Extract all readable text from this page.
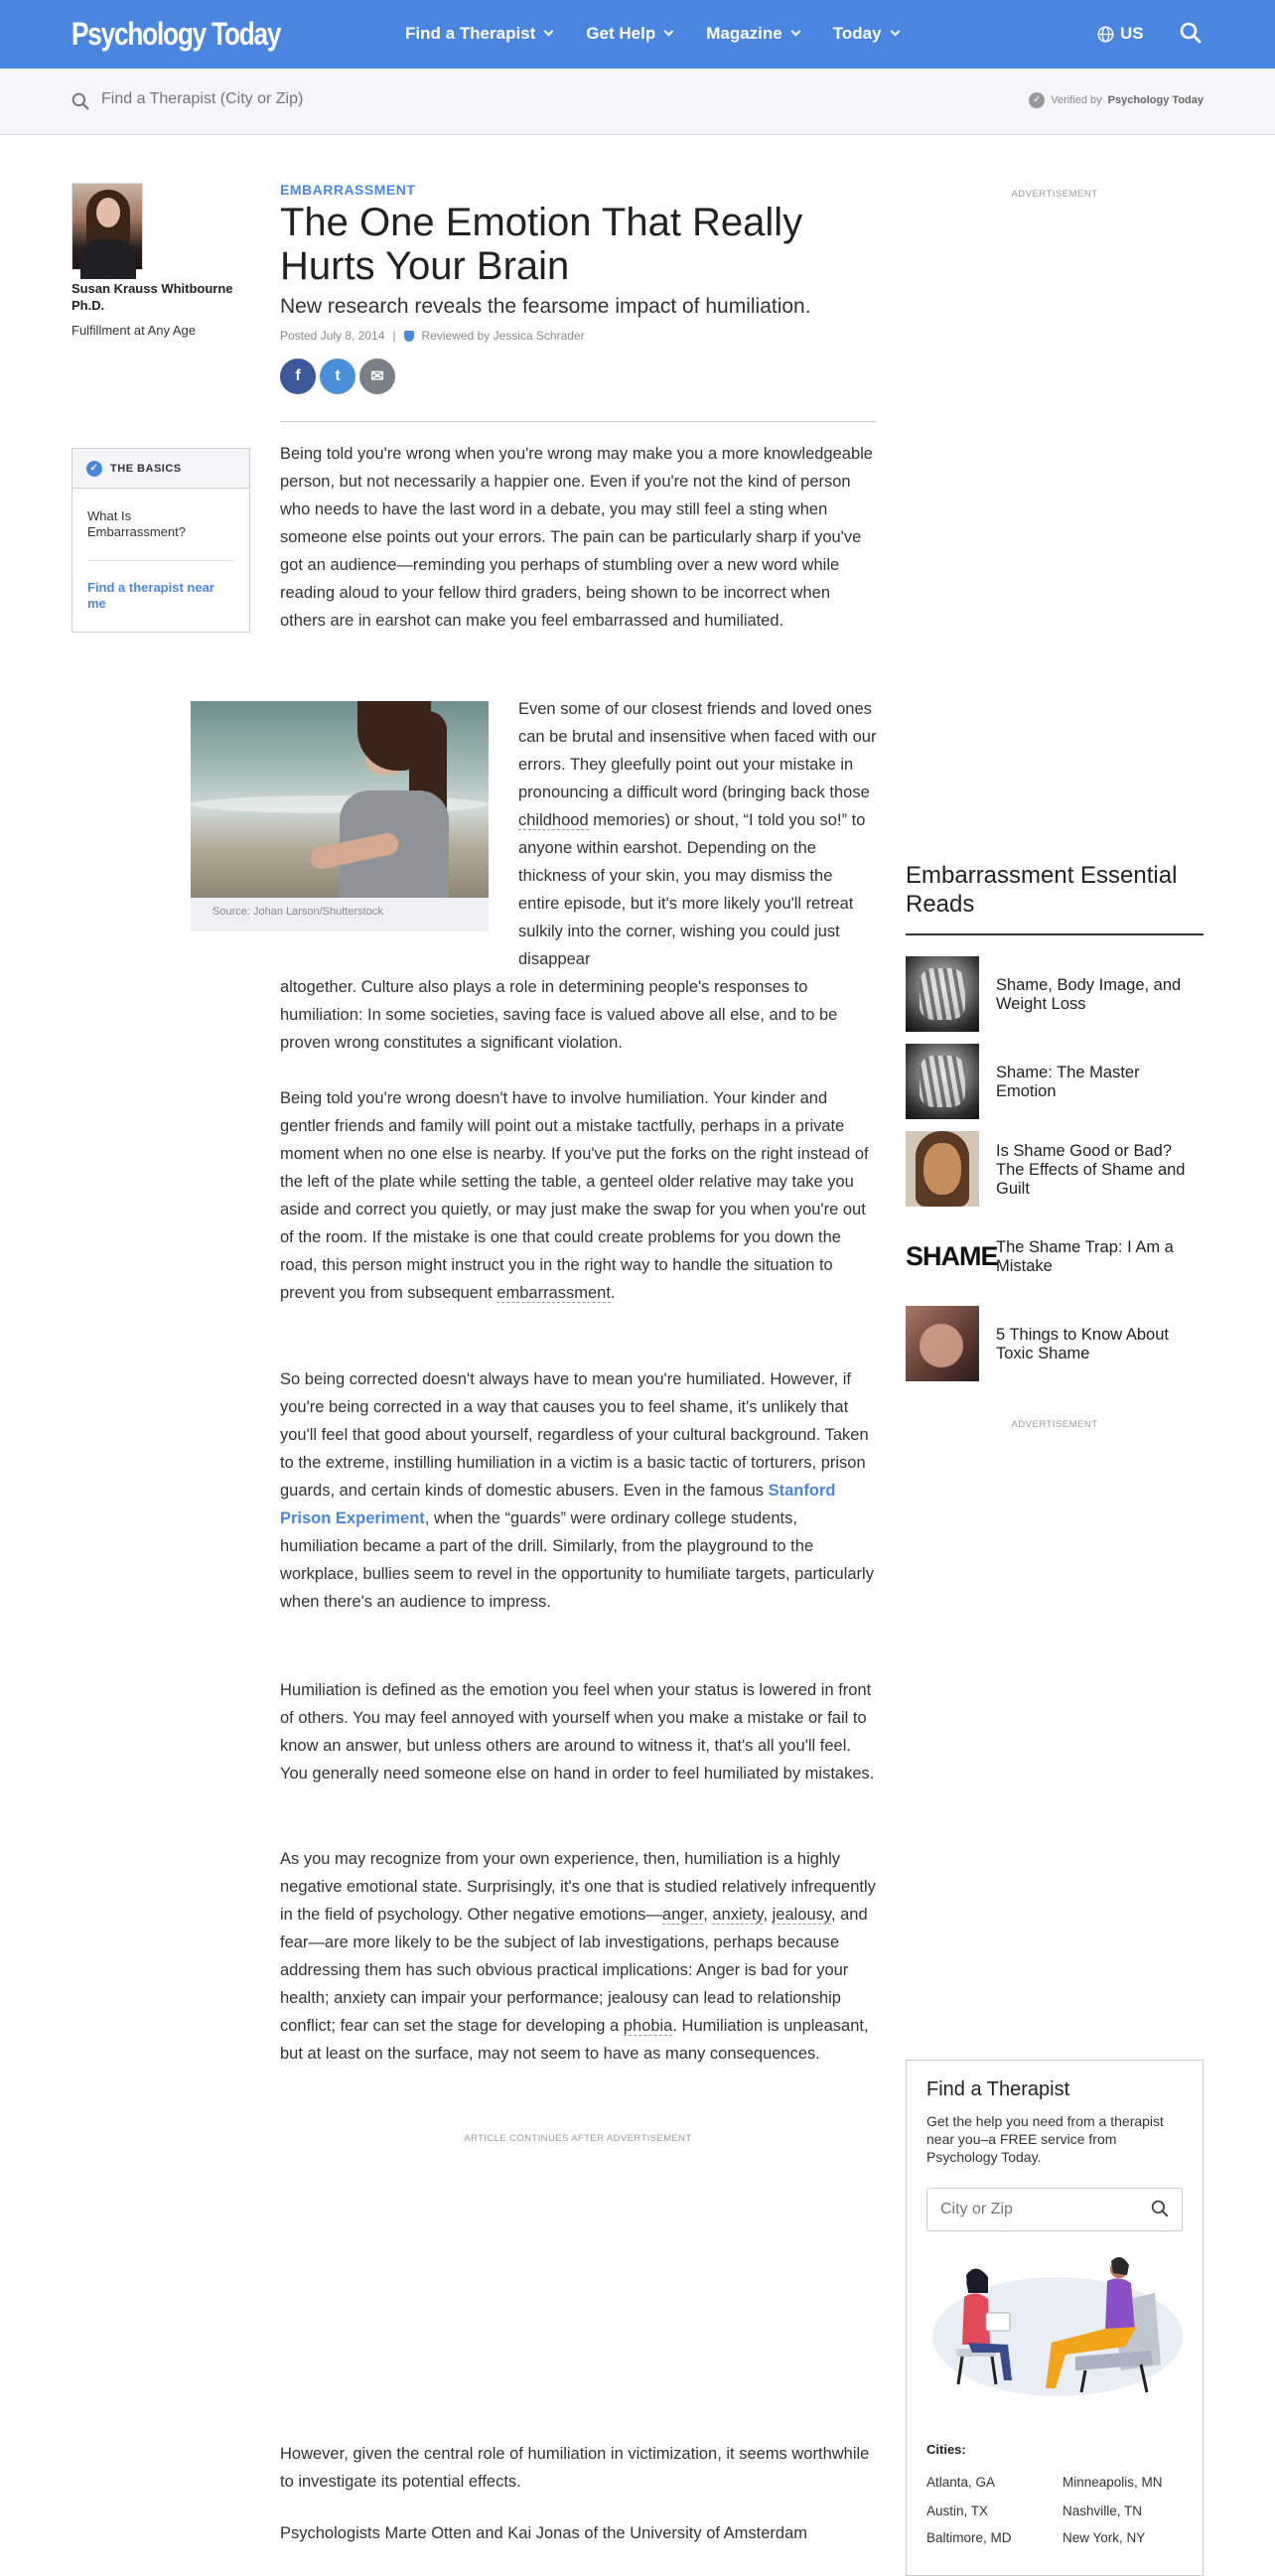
Psychology Today	Find a Therapist	Get Help	Magazine	Today	US
Find a Therapist (City or Zip)
✓ Verified by Psychology Today
Susan Krauss Whitbourne Ph.D.
Fulfillment at Any Age
✓	THE BASICS
What Is Embarrassment?
Find a therapist near me
EMBARRASSMENT
The One Emotion That Really Hurts Your Brain
New research reveals the fearsome impact of humiliation.
Posted July 8, 2014 | Reviewed by Jessica Schrader
f	t	✉

Being told you're wrong when you're wrong may make you a more knowledgeable person, but not necessarily a happier one. Even if you're not the kind of person who needs to have the last word in a debate, you may still feel a sting when someone else points out your errors. The pain can be particularly sharp if you've got an audience—reminding you perhaps of stumbling over a new word while reading aloud to your fellow third graders, being shown to be incorrect when others are in earshot can make you feel embarrassed and humiliated.

Source: Johan Larson/Shutterstock

Even some of our closest friends and loved ones can be brutal and insensitive when faced with our errors. They gleefully point out your mistake in pronouncing a difficult word (bringing back those childhood memories) or shout, “I told you so!” to anyone within earshot. Depending on the thickness of your skin, you may dismiss the entire episode, but it's more likely you'll retreat sulkily into the corner, wishing you could just disappear

altogether. Culture also plays a role in determining people's responses to humiliation: In some societies, saving face is valued above all else, and to be proven wrong constitutes a significant violation.

Being told you're wrong doesn't have to involve humiliation. Your kinder and gentler friends and family will point out a mistake tactfully, perhaps in a private moment when no one else is nearby. If you've put the forks on the right instead of the left of the plate while setting the table, a genteel older relative may take you aside and correct you quietly, or may just make the swap for you when you're out of the room. If the mistake is one that could create problems for you down the road, this person might instruct you in the right way to handle the situation to prevent you from subsequent embarrassment.

So being corrected doesn't always have to mean you're humiliated. However, if you're being corrected in a way that causes you to feel shame, it's unlikely that you'll feel that good about yourself, regardless of your cultural background. Taken to the extreme, instilling humiliation in a victim is a basic tactic of torturers, prison guards, and certain kinds of domestic abusers. Even in the famous Stanford Prison Experiment, when the “guards” were ordinary college students, humiliation became a part of the drill. Similarly, from the playground to the workplace, bullies seem to revel in the opportunity to humiliate targets, particularly when there's an audience to impress.

Humiliation is defined as the emotion you feel when your status is lowered in front of others. You may feel annoyed with yourself when you make a mistake or fail to know an answer, but unless others are around to witness it, that's all you'll feel. You generally need someone else on hand in order to feel humiliated by mistakes.

As you may recognize from your own experience, then, humiliation is a highly negative emotional state. Surprisingly, it's one that is studied relatively infrequently in the field of psychology. Other negative emotions—anger, anxiety, jealousy, and fear—are more likely to be the subject of lab investigations, perhaps because addressing them has such obvious practical implications: Anger is bad for your health; anxiety can impair your performance; jealousy can lead to relationship conflict; fear can set the stage for developing a phobia. Humiliation is unpleasant, but at least on the surface, may not seem to have as many consequences.

ARTICLE CONTINUES AFTER ADVERTISEMENT

However, given the central role of humiliation in victimization, it seems worthwhile to investigate its potential effects.

Psychologists Marte Otten and Kai Jonas of the University of Amsterdam

ADVERTISEMENT
Embarrassment Essential Reads
Shame, Body Image, and Weight Loss
Shame: The Master Emotion
Is Shame Good or Bad? The Effects of Shame and Guilt
SHAME
The Shame Trap: I Am a Mistake
5 Things to Know About Toxic Shame
ADVERTISEMENT
Find a Therapist
Get the help you need from a therapist near you–a FREE service from Psychology Today.
City or Zip
Cities:
Atlanta, GA	Minneapolis, MN
Austin, TX	Nashville, TN
Baltimore, MD	New York, NY
